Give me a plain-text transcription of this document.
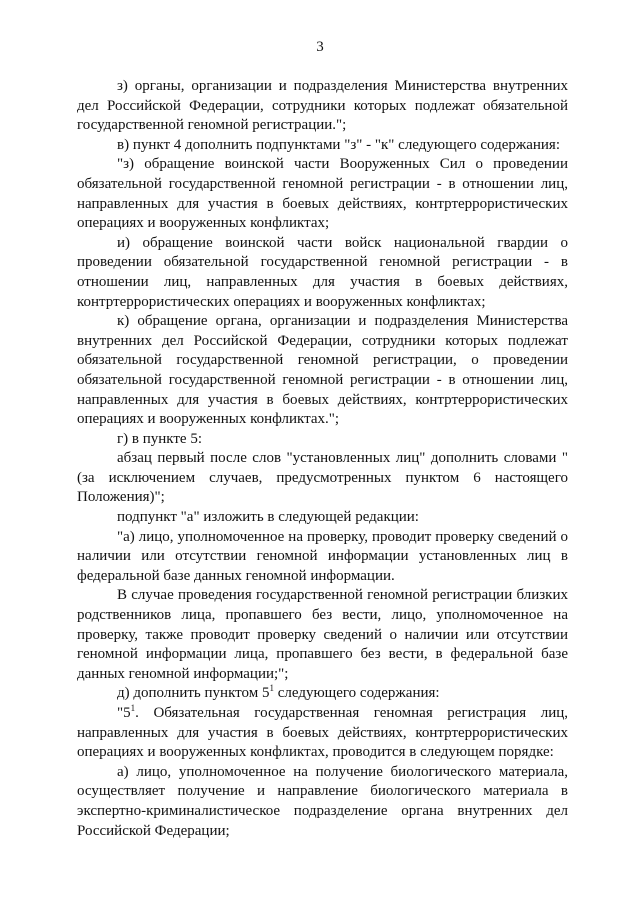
3

з) органы, организации и подразделения Министерства внутренних дел Российской Федерации, сотрудники которых подлежат обязательной государственной геномной регистрации.";

в) пункт 4 дополнить подпунктами "з" - "к" следующего содержания:

"з) обращение воинской части Вооруженных Сил о проведении обязательной государственной геномной регистрации - в отношении лиц, направленных для участия в боевых действиях, контртеррористических операциях и вооруженных конфликтах;

и) обращение воинской части войск национальной гвардии о проведении обязательной государственной геномной регистрации - в отношении лиц, направленных для участия в боевых действиях, контртеррористических операциях и вооруженных конфликтах;

к) обращение органа, организации и подразделения Министерства внутренних дел Российской Федерации, сотрудники которых подлежат обязательной государственной геномной регистрации, о проведении обязательной государственной геномной регистрации - в отношении лиц, направленных для участия в боевых действиях, контртеррористических операциях и вооруженных конфликтах.";

г) в пункте 5:

абзац первый после слов "установленных лиц" дополнить словами "(за исключением случаев, предусмотренных пунктом 6 настоящего Положения)";

подпункт "а" изложить в следующей редакции:

"а) лицо, уполномоченное на проверку, проводит проверку сведений о наличии или отсутствии геномной информации установленных лиц в федеральной базе данных геномной информации.

В случае проведения государственной геномной регистрации близких родственников лица, пропавшего без вести, лицо, уполномоченное на проверку, также проводит проверку сведений о наличии или отсутствии геномной информации лица, пропавшего без вести, в федеральной базе данных геномной информации;";

д) дополнить пунктом $5^1$ следующего содержания:

"$5^1$. Обязательная государственная геномная регистрация лиц, направленных для участия в боевых действиях, контртеррористических операциях и вооруженных конфликтах, проводится в следующем порядке:

а) лицо, уполномоченное на получение биологического материала, осуществляет получение и направление биологического материала в экспертно-криминалистическое подразделение органа внутренних дел Российской Федерации;
